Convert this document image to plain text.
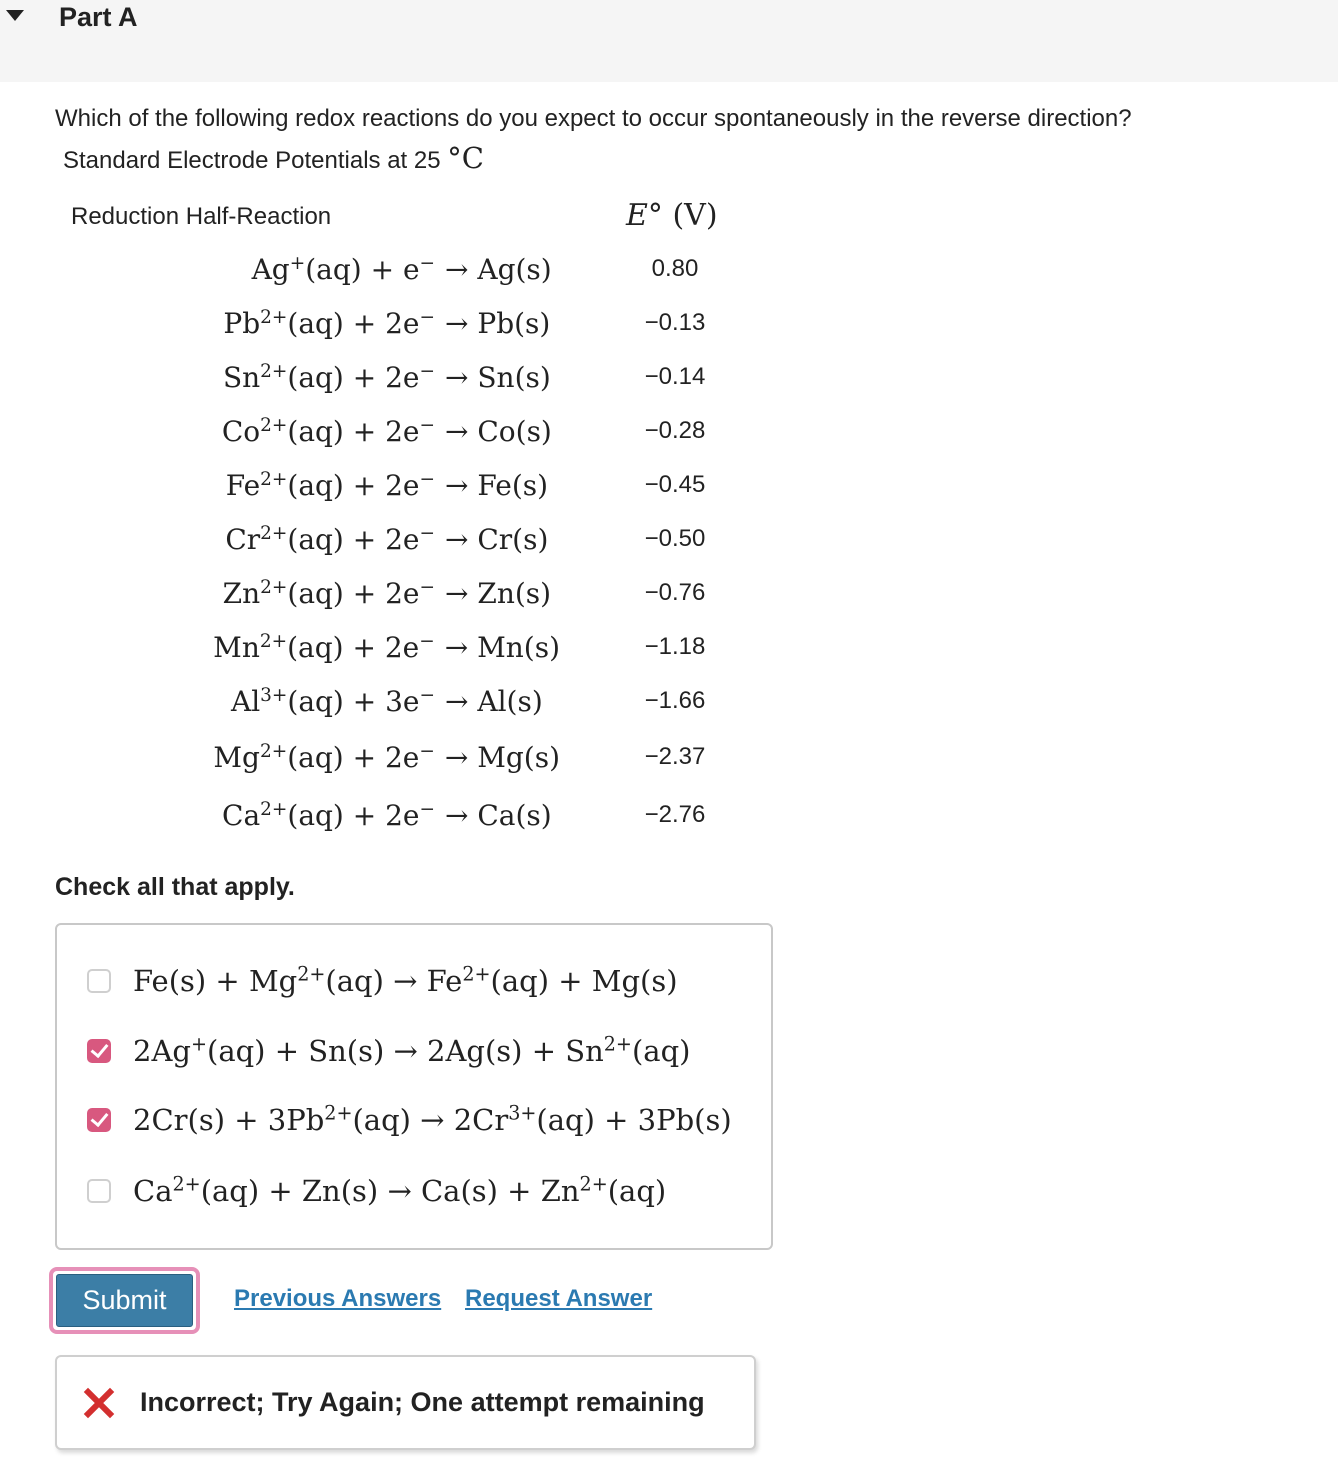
Part A
Which of the following redox reactions do you expect to occur spontaneously in the reverse direction?
Standard Electrode Potentials at 25 °C
Reduction Half-Reaction	E° (V)
Ag+(aq) + e− → Ag(s)	0.80
$Pb^{2+}(aq) + 2e^- \to Pb(s)$	−0.13
$Sn^{2+}(aq) + 2e^- \to Sn(s)$	−0.14
$Co^{2+}(aq) + 2e^- \to Co(s)$	−0.28
$Fe^{2+}(aq) + 2e^- \to Fe(s)$	−0.45
$Cr^{2+}(aq) + 2e^- \to Cr(s)$	−0.50
$Zn^{2+}(aq) + 2e^- \to Zn(s)$	−0.76
$Mn^{2+}(aq) + 2e^- \to Mn(s)$	−1.18
$Al^{3+}(aq) + 3e^- \to Al(s)$	−1.66
$Mg^{2+}(aq) + 2e^- \to Mg(s)$	−2.37
$Ca^{2+}(aq) + 2e^- \to Ca(s)$	−2.76
Check all that apply.
$Fe(s) + Mg^{2+}(aq) \to Fe^{2+}(aq) + Mg(s)$
$2Ag^+(aq) + Sn(s) \to 2Ag(s) + Sn^{2+}(aq)$
$2Cr(s) + 3Pb^{2+}(aq) \to 2Cr^{3+}(aq) + 3Pb(s)$
$Ca^{2+}(aq) + Zn(s) \to Ca(s) + Zn^{2+}(aq)$
Submit	Previous Answers Request Answer
Incorrect; Try Again; One attempt remaining
